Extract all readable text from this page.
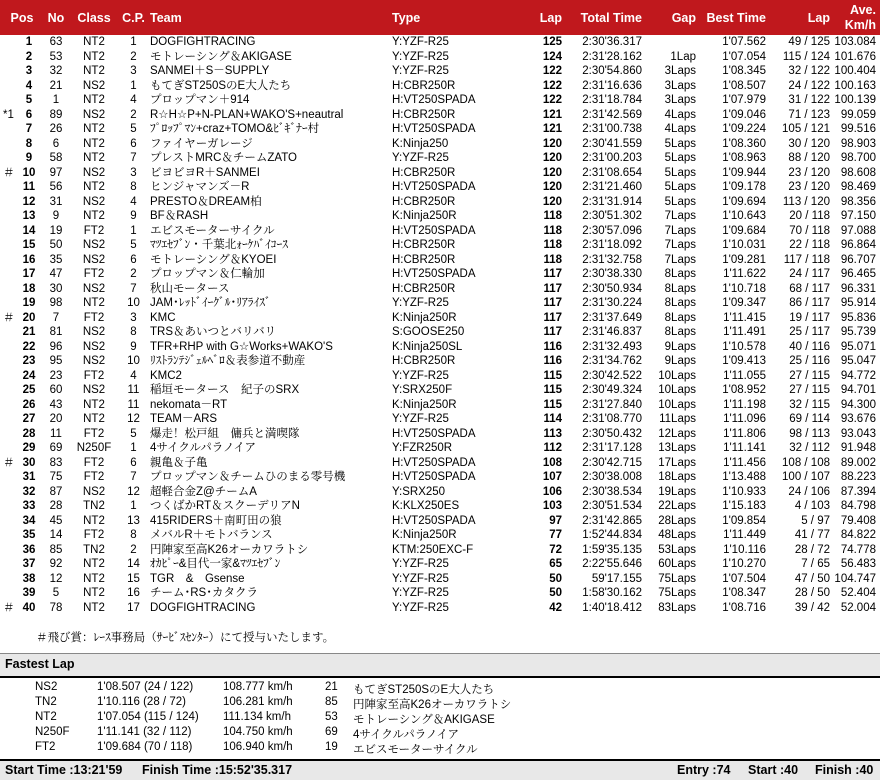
Pos	No	Class	C.P.	Team	Type	Lap	Total Time	Gap	Best Time	Lap	Ave.
Km/h

1	63	NT2	1	DOGFIGHTRACING	Y:YZF-R25	125	2:30'36.317		1'07.562	49 / 125	103.084

2	53	NT2	2	モトレーシング＆AKIGASE	Y:YZF-R25	124	2:31'28.162	1Lap	1'07.054	115 / 124	101.676

3	32	NT2	3	SANMEI＋S－SUPPLY	Y:YZF-R25	122	2:30'54.860	3Laps	1'08.345	32 / 122	100.404

4	21	NS2	1	もてぎST250SのE大人たち	H:CBR250R	122	2:31'16.636	3Laps	1'08.507	24 / 122	100.163

5	1	NT2	4	プロップマン＋914	H:VT250SPADA	122	2:31'18.784	3Laps	1'07.979	31 / 122	100.139

*1 6	89	NS2	2	R☆H☆P+N-PLAN+WAKO'S+neautral	H:CBR250R	121	2:31'42.569	4Laps	1'09.046	71 / 123	99.059

7	26	NT2	5	ﾌﾟﾛｯﾌﾟﾏﾝ+craz+TOMO&ﾋﾞｷﾞﾅｰ村	H:VT250SPADA	121	2:31'00.738	4Laps	1'09.224	105 / 121	99.516

8	6	NT2	6	ファイヤーガレージ	K:Ninja250	120	2:30'41.559	5Laps	1'08.360	30 / 120	98.903

9	58	NT2	7	プレストMRC＆チームZATO	Y:YZF-R25	120	2:31'00.203	5Laps	1'08.963	88 / 120	98.700

＃ 10	97	NS2	3	ビヨビヨR＋SANMEI	H:CBR250R	120	2:31'08.654	5Laps	1'09.944	23 / 120	98.608

11	56	NT2	8	ヒンジャマンズ－R	H:VT250SPADA	120	2:31'21.460	5Laps	1'09.178	23 / 120	98.469

12	31	NS2	4	PRESTO＆DREAM柏	H:CBR250R	120	2:31'31.914	5Laps	1'09.694	113 / 120	98.356

13	9	NT2	9	BF＆RASH	K:Ninja250R	118	2:30'51.302	7Laps	1'10.643	20 / 118	97.150

14	19	FT2	1	エビスモーターサイクル	H:VT250SPADA	118	2:30'57.096	7Laps	1'09.684	70 / 118	97.088

15	50	NS2	5	ﾏﾂｴｾﾌﾞﾝ・千葉北ｫｰｹﾊﾞｲｺｰｽ	H:CBR250R	118	2:31'18.092	7Laps	1'10.031	22 / 118	96.864

16	35	NS2	6	モトレーシング＆KYOEI	H:CBR250R	118	2:31'32.758	7Laps	1'09.281	117 / 118	96.707

17	47	FT2	2	プロップマン＆仁輪加	H:VT250SPADA	117	2:30'38.330	8Laps	1'11.622	24 / 117	96.465

18	30	NS2	7	秋山モータース	H:CBR250R	117	2:30'50.934	8Laps	1'10.718	68 / 117	96.331

19	98	NT2	10	JAM･ﾚｯﾄﾞｲｰｸﾞﾙ･ﾘｱﾗｲｽﾞ	Y:YZF-R25	117	2:31'30.224	8Laps	1'09.347	86 / 117	95.914

＃ 20	7	FT2	3	KMC	K:Ninja250R	117	2:31'37.649	8Laps	1'11.415	19 / 117	95.836

21	81	NS2	8	TRS＆あいつとバリバリ	S:GOOSE250	117	2:31'46.837	8Laps	1'11.491	25 / 117	95.739

22	96	NS2	9	TFR+RHP with G☆Works+WAKO'S	K:Ninja250SL	116	2:31'32.493	9Laps	1'10.578	40 / 116	95.071

23	95	NS2	10	ﾘｽﾄﾗﾝﾃｼﾞｪﾙﾍﾞﾛ＆表参道不動産	H:CBR250R	116	2:31'34.762	9Laps	1'09.413	25 / 116	95.047

24	23	FT2	4	KMC2	Y:YZF-R25	115	2:30'42.522	10Laps	1'11.055	27 / 115	94.772

25	60	NS2	11	稲垣モータース　紀子のSRX	Y:SRX250F	115	2:30'49.324	10Laps	1'08.952	27 / 115	94.701

26	43	NT2	11	nekomata－RT	K:Ninja250R	115	2:31'27.840	10Laps	1'11.198	32 / 115	94.300

27	20	NT2	12	TEAM－ARS	Y:YZF-R25	114	2:31'08.770	11Laps	1'11.096	69 / 114	93.676

28	11	FT2	5	爆走！松戸組　傭兵と満喫隊	H:VT250SPADA	113	2:30'50.432	12Laps	1'11.806	98 / 113	93.043

29	69	N250F	1	4サイクルパラノイア	Y:FZR250R	112	2:31'17.128	13Laps	1'11.141	32 / 112	91.948

＃ 30	83	FT2	6	親亀＆子亀	H:VT250SPADA	108	2:30'42.715	17Laps	1'11.456	108 / 108	89.002

31	75	FT2	7	プロップマン＆チームひのまる零号機	H:VT250SPADA	107	2:30'38.008	18Laps	1'13.488	100 / 107	88.223

32	87	NS2	12	超軽合金Z@チームA	Y:SRX250	106	2:30'38.534	19Laps	1'10.933	24 / 106	87.394

33	28	TN2	1	つくばかRT＆スクーデリアN	K:KLX250ES	103	2:30'51.534	22Laps	1'15.183	4 / 103	84.798

34	45	NT2	13	415RIDERS＋南町田の狼	H:VT250SPADA	97	2:31'42.865	28Laps	1'09.854	5 / 97	79.408

35	14	FT2	8	メバルR＋モトバランス	K:Ninja250R	77	1:52'44.834	48Laps	1'11.449	41 / 77	84.822

36	85	TN2	2	円陣家至高K26オーカワラトシ	KTM:250EXC-F	72	1:59'35.135	53Laps	1'10.116	28 / 72	74.778

37	92	NT2	14	ｵｶﾋﾟｰ&目代一家&ﾏﾂｴｾﾌﾞﾝ	Y:YZF-R25	65	2:22'55.646	60Laps	1'10.270	7 / 65	56.483

38	12	NT2	15	TGR　&　Gsense	Y:YZF-R25	50	59'17.155	75Laps	1'07.504	47 / 50	104.747

39	5	NT2	16	チーム･RS･カタクラ	Y:YZF-R25	50	1:58'30.162	75Laps	1'08.347	28 / 50	52.404

＃ 40	78	NT2	17	DOGFIGHTRACING	Y:YZF-R25	42	1:40'18.412	83Laps	1'08.716	39 / 42	52.004
＃飛び賞：ﾚｰｽ事務局（ｻｰﾋﾞｽｾﾝﾀｰ）にて授与いたします。
Fastest Lap
NS2	1'08.507 (24 / 122)	108.777 km/h	21 もてぎST250SのE大人たち
TN2	1'10.116 (28 / 72)	106.281 km/h	85 円陣家至高K26オーカワラトシ
NT2	1'07.054 (115 / 124) 111.134 km/h	53 モトレーシング＆AKIGASE
N250F 1'11.141 (32 / 112)	104.750 km/h	69 4サイクルパラノイア
FT2	1'09.684 (70 / 118)	106.940 km/h	19 エビスモーターサイクル
Start Time :13:21'59 Finish Time :15:52'35.317	Entry :74 Start :40 Finish :40
